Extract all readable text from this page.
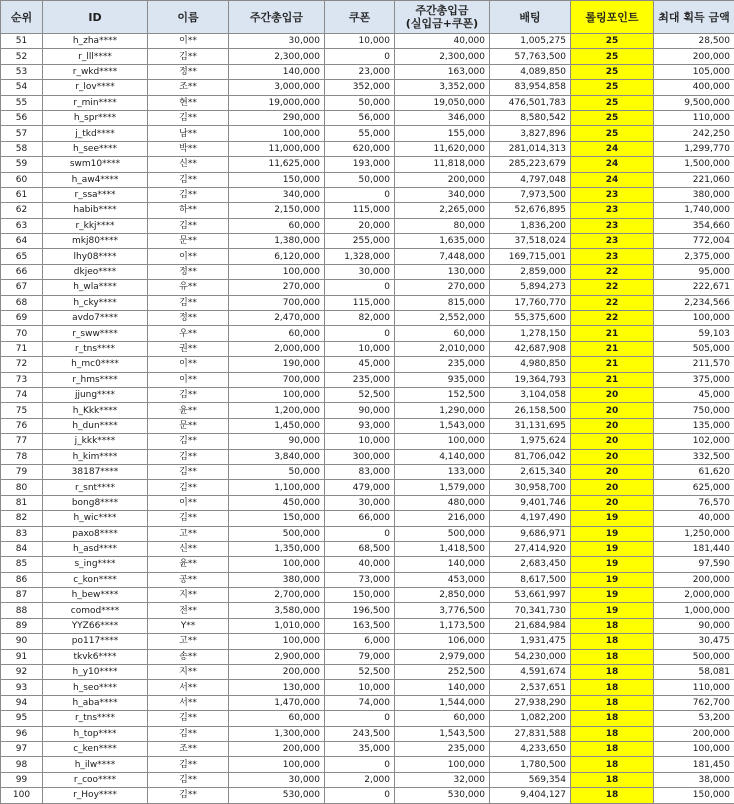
순위	ID	이름	주간총입금	쿠폰	주간총입금
(실입금+쿠폰)	배팅	롤링포인트	최대 획득 금액
51	h_zha****	이**	30,000	10,000	40,000	1,005,275	25	28,500
52	r_lll****	김**	2,300,000	0	2,300,000	57,763,500	25	200,000
53	r_wkd****	정**	140,000	23,000	163,000	4,089,850	25	105,000
54	r_lov****	조**	3,000,000	352,000	3,352,000	83,954,858	25	400,000
55	r_min****	현**	19,000,000	50,000	19,050,000	476,501,783	25	9,500,000
56	h_spr****	김**	290,000	56,000	346,000	8,580,542	25	110,000
57	j_tkd****	남**	100,000	55,000	155,000	3,827,896	25	242,250
58	h_see****	박**	11,000,000	620,000	11,620,000	281,014,313	24	1,299,770
59	swm10****	신**	11,625,000	193,000	11,818,000	285,223,679	24	1,500,000
60	h_aw4****	김**	150,000	50,000	200,000	4,797,048	24	221,060
61	r_ssa****	김**	340,000	0	340,000	7,973,500	23	380,000
62	habib****	하**	2,150,000	115,000	2,265,000	52,676,895	23	1,740,000
63	r_kkj****	김**	60,000	20,000	80,000	1,836,200	23	354,660
64	mkj80****	문**	1,380,000	255,000	1,635,000	37,518,024	23	772,004
65	lhy08****	이**	6,120,000	1,328,000	7,448,000	169,715,001	23	2,375,000
66	dkjeo****	정**	100,000	30,000	130,000	2,859,000	22	95,000
67	h_wla****	유**	270,000	0	270,000	5,894,273	22	222,671
68	h_cky****	김**	700,000	115,000	815,000	17,760,770	22	2,234,566
69	avdo7****	정**	2,470,000	82,000	2,552,000	55,375,600	22	100,000
70	r_sww****	우**	60,000	0	60,000	1,278,150	21	59,103
71	r_tns****	권**	2,000,000	10,000	2,010,000	42,687,908	21	505,000
72	h_mc0****	이**	190,000	45,000	235,000	4,980,850	21	211,570
73	r_hms****	이**	700,000	235,000	935,000	19,364,793	21	375,000
74	jjung****	김**	100,000	52,500	152,500	3,104,058	20	45,000
75	h_Kkk****	윤**	1,200,000	90,000	1,290,000	26,158,500	20	750,000
76	h_dun****	문**	1,450,000	93,000	1,543,000	31,131,695	20	135,000
77	j_kkk****	김**	90,000	10,000	100,000	1,975,624	20	102,000
78	h_kim****	김**	3,840,000	300,000	4,140,000	81,706,042	20	332,500
79	38187****	김**	50,000	83,000	133,000	2,615,340	20	61,620
80	r_snt****	김**	1,100,000	479,000	1,579,000	30,958,700	20	625,000
81	bong8****	이**	450,000	30,000	480,000	9,401,746	20	76,570
82	h_wic****	김**	150,000	66,000	216,000	4,197,490	19	40,000
83	paxo8****	고**	500,000	0	500,000	9,686,971	19	1,250,000
84	h_asd****	신**	1,350,000	68,500	1,418,500	27,414,920	19	181,440
85	s_ing****	윤**	100,000	40,000	140,000	2,683,450	19	97,590
86	c_kon****	공**	380,000	73,000	453,000	8,617,500	19	200,000
87	h_bew****	지**	2,700,000	150,000	2,850,000	53,661,997	19	2,000,000
88	comod****	전**	3,580,000	196,500	3,776,500	70,341,730	19	1,000,000
89	YYZ66****	Y**	1,010,000	163,500	1,173,500	21,684,984	18	90,000
90	po117****	고**	100,000	6,000	106,000	1,931,475	18	30,475
91	tkvk6****	송**	2,900,000	79,000	2,979,000	54,230,000	18	500,000
92	h_y10****	지**	200,000	52,500	252,500	4,591,674	18	58,081
93	h_seo****	서**	130,000	10,000	140,000	2,537,651	18	110,000
94	h_aba****	서**	1,470,000	74,000	1,544,000	27,938,290	18	762,700
95	r_tns****	김**	60,000	0	60,000	1,082,200	18	53,200
96	h_top****	김**	1,300,000	243,500	1,543,500	27,831,588	18	200,000
97	c_ken****	조**	200,000	35,000	235,000	4,233,650	18	100,000
98	h_ilw****	김**	100,000	0	100,000	1,780,500	18	181,450
99	r_coo****	김**	30,000	2,000	32,000	569,354	18	38,000
100	r_Hoy****	김**	530,000	0	530,000	9,404,127	18	150,000
